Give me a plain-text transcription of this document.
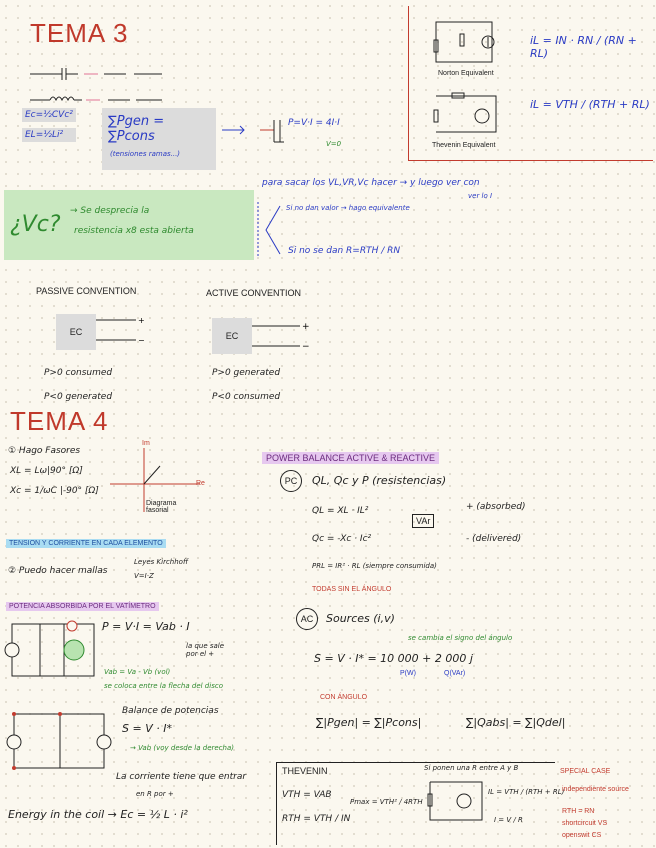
TEMA 3
Ec=½CVc²
EL=½Li²
∑Pgen = ∑Pcons
(tensiones ramas...)
P=V·I = 4I·I
V=0
¿Vc?
→ Se desprecia la
resistencia x8 esta abierta
para sacar los VL,VR,Vc hacer → y luego ver con
ver lo I
Si no dan valor → hago equivalente
Si no se dan R=RTH / RN
Norton Equivalent
iL = IN · RN / (RN + RL)
Thevenin Equivalent
iL = VTH / (RTH + RL)
PASSIVE CONVENTION
EC
+
−
P>0 consumed
P<0 generated
ACTIVE CONVENTION
EC
+
−
P>0 generated
P<0 consumed
TEMA 4
① Hago Fasores
XL = Lω|90° [Ω]
Xc = 1/ωC |-90° [Ω]
Im
Re
Diagrama fasorial
TENSION Y CORRIENTE EN CADA ELEMENTO
② Puedo hacer mallas
Leyes Kirchhoff
V=I·Z
POTENCIA ABSORBIDA POR EL VATÍMETRO
P = V·I = Vab · I
la que sale por el +
Vab = Va - Vb (vol)
se coloca entre la flecha del disco
Balance de potencias
S = V · I*
→ Vab (voy desde la derecha)
La corriente tiene que entrar
en R por +
Energy in the coil → Ec = ½ L · i²
POWER BALANCE ACTIVE & REACTIVE
PC	QL, Qc y P (resistencias)
QL = XL · IL²
Qc = -Xc · Ic²
VAr
+ (absorbed)
- (delivered)
PRL = IR² · RL (siempre consumida)
TODAS SIN EL ÁNGULO
AC	Sources (i,v)
se cambia el signo del ángulo
S = V · I* = 10 000 + 2 000 j
P(W)	Q(VAr)
CON ÁNGULO
∑|Pgen| = ∑|Pcons|	∑|Qabs| = ∑|Qdel|
THEVENIN
VTH = VAB
RTH = VTH / IN
Pmax = VTH² / 4RTH
Si ponen una R entre A y B
IL = VTH / (RTH + RL)
I = V / R
SPECIAL CASE
independiente source
RTH = RN
shortcircuit VS
openswit CS
